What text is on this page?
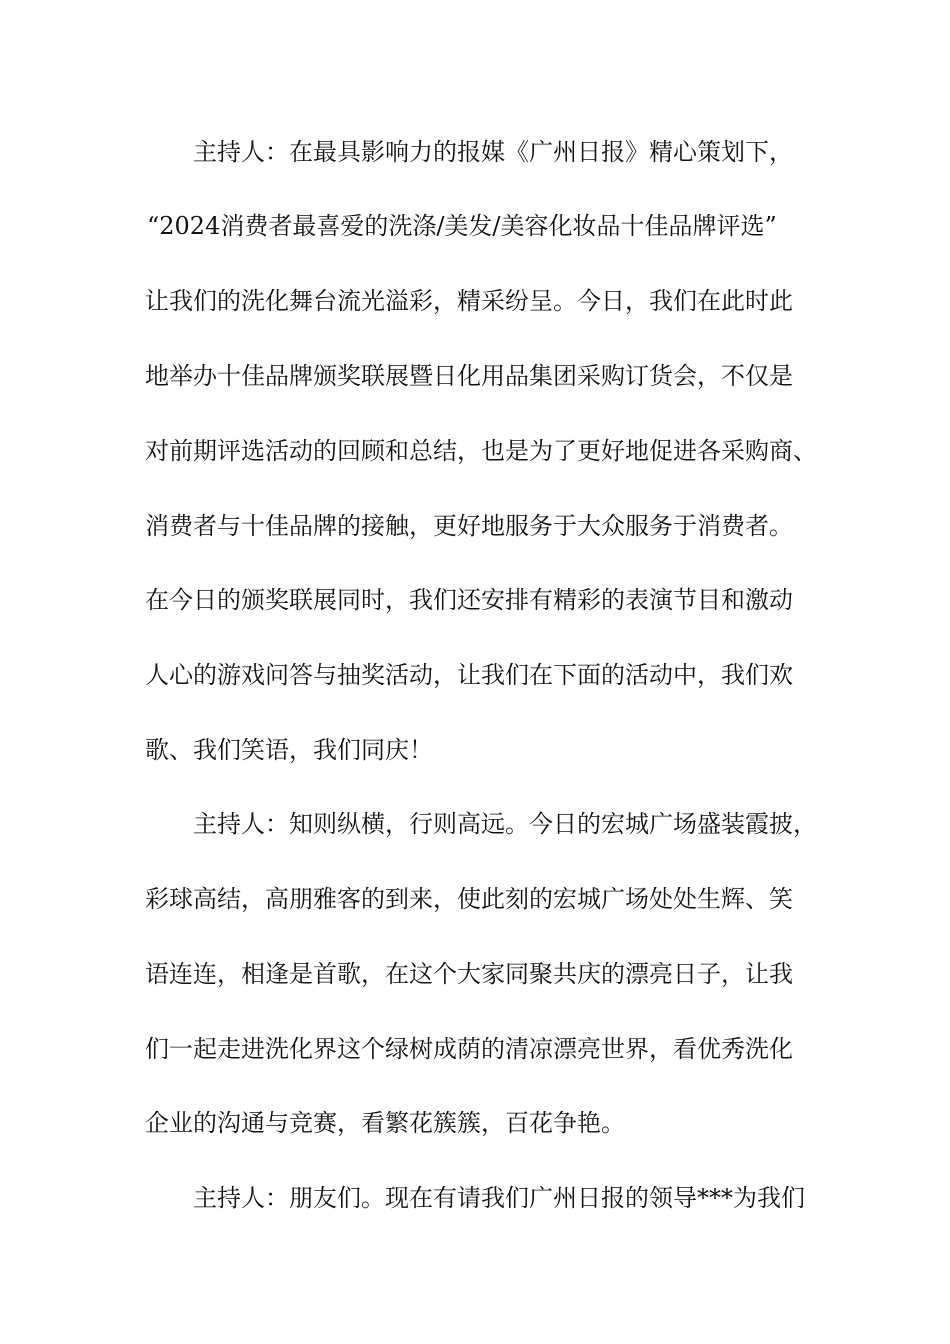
主持人：在最具影响力的报媒《广州日报》精心策划下，
“2024消费者最喜爱的洗涤/美发/美容化妆品十佳品牌评选”
让我们的洗化舞台流光溢彩，精采纷呈。今日，我们在此时此
地举办十佳品牌颁奖联展暨日化用品集团采购订货会，不仅是
对前期评选活动的回顾和总结，也是为了更好地促进各采购商、
消费者与十佳品牌的接触，更好地服务于大众服务于消费者。
在今日的颁奖联展同时，我们还安排有精彩的表演节目和激动
人心的游戏问答与抽奖活动，让我们在下面的活动中，我们欢
歌、我们笑语，我们同庆！
主持人：知则纵横，行则高远。今日的宏城广场盛装霞披，
彩球高结，高朋雅客的到来，使此刻的宏城广场处处生辉、笑
语连连，相逢是首歌，在这个大家同聚共庆的漂亮日子，让我
们一起走进洗化界这个绿树成荫的清凉漂亮世界，看优秀洗化
企业的沟通与竞赛，看繁花簇簇，百花争艳。
主持人：朋友们。现在有请我们广州日报的领导***为我们
